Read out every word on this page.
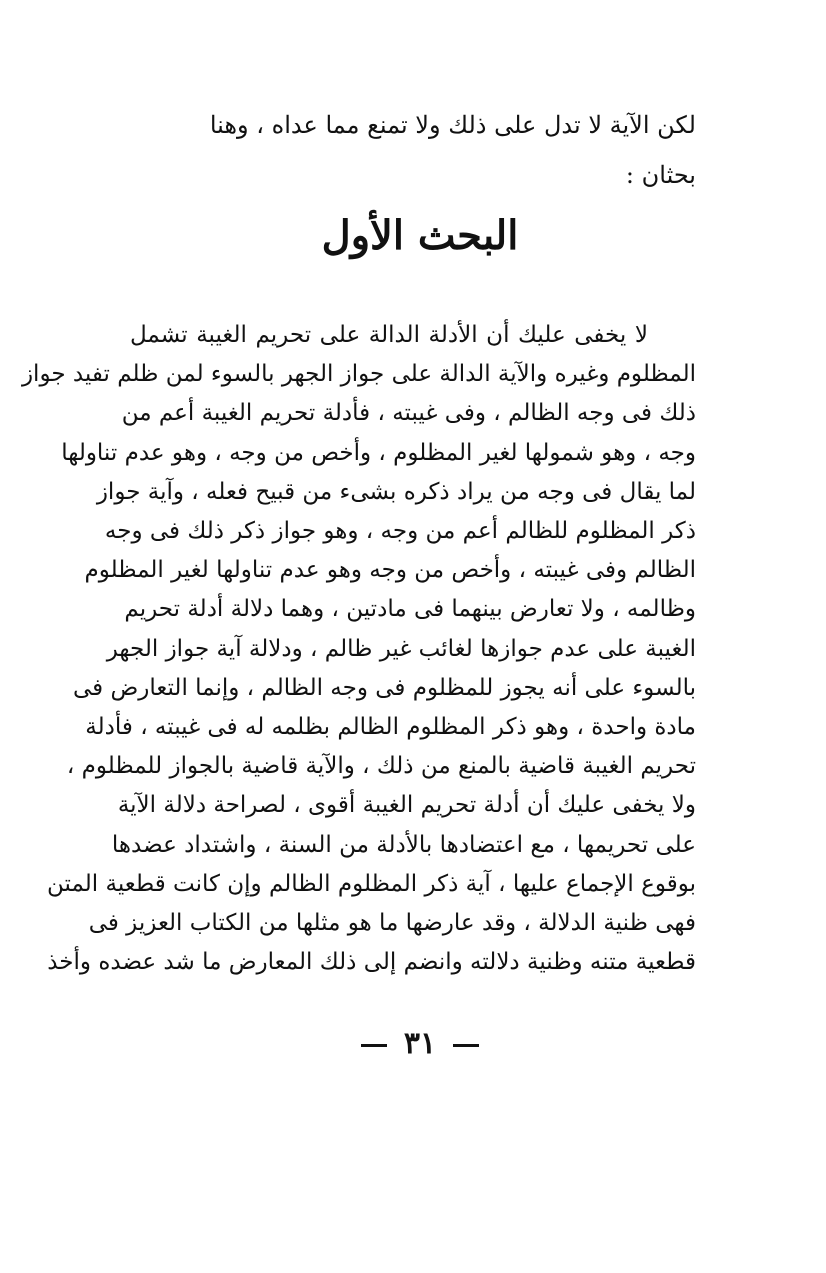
لكن الآية لا تدل على ذلك ولا تمنع مما عداه ، وهنا
بحثان :
البحث الأول
لا يخفى عليك أن الأدلة الدالة على تحريم الغيبة تشمل
المظلوم وغيره والآية الدالة على جواز الجهر بالسوء لمن ظلم تفيد جواز
ذلك فى وجه الظالم ، وفى غيبته ، فأدلة تحريم الغيبة أعم من
وجه ، وهو شمولها لغير المظلوم ، وأخص من وجه ، وهو عدم تناولها
لما يقال فى وجه من يراد ذكره بشىء من قبيح فعله ، وآية جواز
ذكر المظلوم للظالم أعم من وجه ، وهو جواز ذكر ذلك فى وجه
الظالم وفى غيبته ، وأخص من وجه وهو عدم تناولها لغير المظلوم
وظالمه ، ولا تعارض بينهما فى مادتين ، وهما دلالة أدلة تحريم
الغيبة على عدم جوازها لغائب غير ظالم ، ودلالة آية جواز الجهر
بالسوء على أنه يجوز للمظلوم فى وجه الظالم ، وإنما التعارض فى
مادة واحدة ، وهو ذكر المظلوم الظالم بظلمه له فى غيبته ، فأدلة
تحريم الغيبة قاضية بالمنع من ذلك ، والآية قاضية بالجواز للمظلوم ،
ولا يخفى عليك أن أدلة تحريم الغيبة أقوى ، لصراحة دلالة الآية
على تحريمها ، مع اعتضادها بالأدلة من السنة ، واشتداد عضدها
بوقوع الإجماع عليها ، آية ذكر المظلوم الظالم وإن كانت قطعية المتن
فهى ظنية الدلالة ، وقد عارضها ما هو مثلها من الكتاب العزيز فى
قطعية متنه وظنية دلالته وانضم إلى ذلك المعارض ما شد عضده وأخذ
٣١
